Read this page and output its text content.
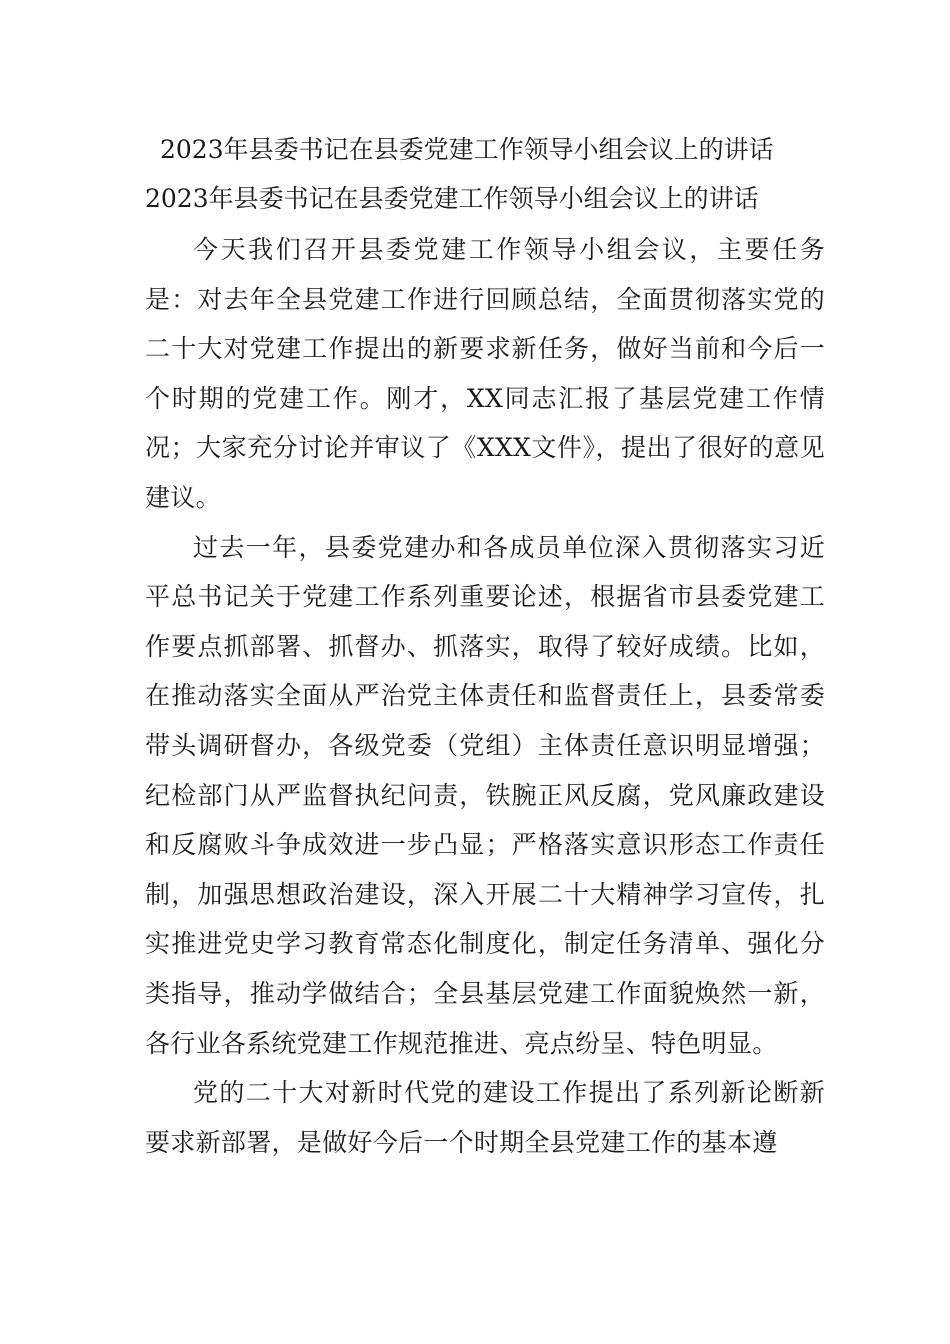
2023年县委书记在县委党建工作领导小组会议上的讲话
2023年县委书记在县委党建工作领导小组会议上的讲话

今天我们召开县委党建工作领导小组会议，主要任务是：对去年全县党建工作进行回顾总结，全面贯彻落实党的二十大对党建工作提出的新要求新任务，做好当前和今后一个时期的党建工作。刚才，XX同志汇报了基层党建工作情况；大家充分讨论并审议了《XXX文件》，提出了很好的意见建议。

过去一年，县委党建办和各成员单位深入贯彻落实习近平总书记关于党建工作系列重要论述，根据省市县委党建工作要点抓部署、抓督办、抓落实，取得了较好成绩。比如，在推动落实全面从严治党主体责任和监督责任上，县委常委带头调研督办，各级党委（党组）主体责任意识明显增强；纪检部门从严监督执纪问责，铁腕正风反腐，党风廉政建设和反腐败斗争成效进一步凸显；严格落实意识形态工作责任制，加强思想政治建设，深入开展二十大精神学习宣传，扎实推进党史学习教育常态化制度化，制定任务清单、强化分类指导，推动学做结合；全县基层党建工作面貌焕然一新，各行业各系统党建工作规范推进、亮点纷呈、特色明显。

党的二十大对新时代党的建设工作提出了系列新论断新要求新部署，是做好今后一个时期全县党建工作的基本遵
